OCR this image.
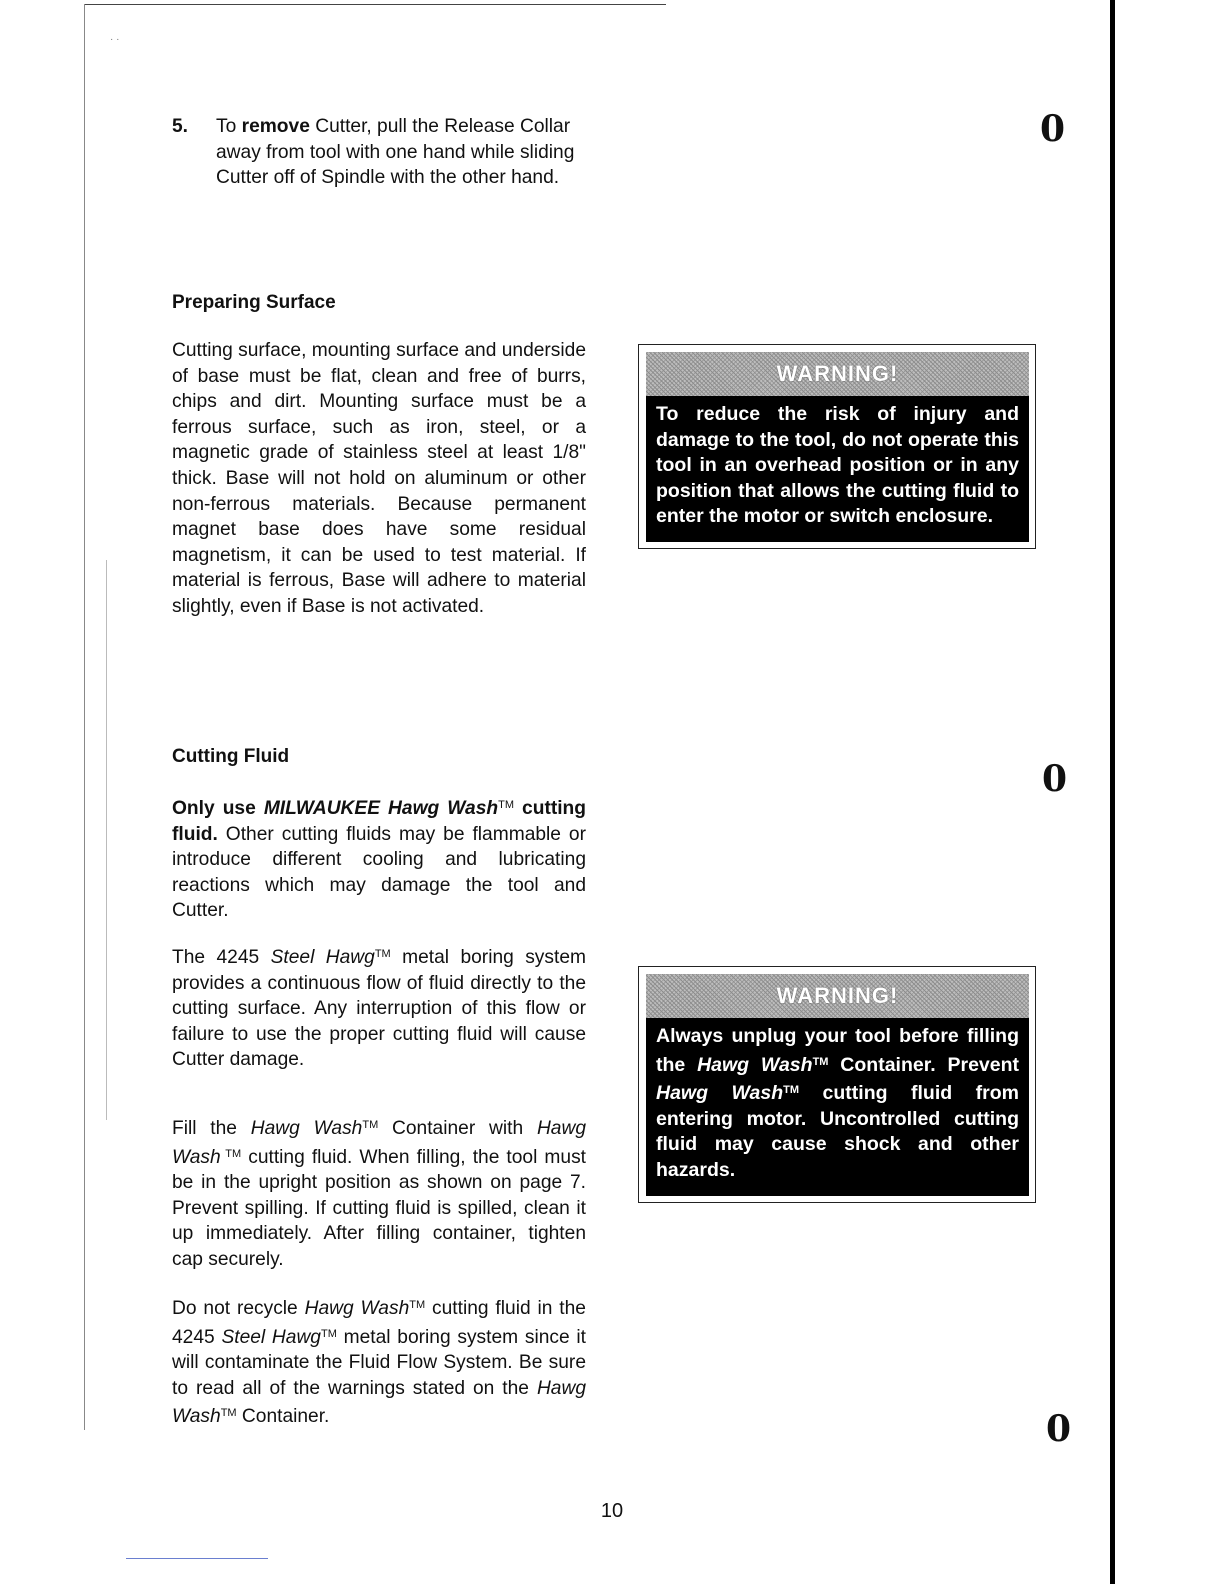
· ·
5.	To remove Cutter, pull the Release Collar away from tool with one hand while sliding Cutter off of Spindle with the other hand.
Preparing Surface

Cutting surface, mounting surface and underside of base must be flat, clean and free of burrs, chips and dirt. Mounting surface must be a ferrous surface, such as iron, steel, or a magnetic grade of stainless steel at least 1/8" thick. Base will not hold on aluminum or other non-ferrous materials. Because permanent magnet base does have some residual magnetism, it can be used to test material. If material is ferrous, Base will adhere to material slightly, even if Base is not activated.

WARNING!
To reduce the risk of injury and damage to the tool, do not operate this tool in an overhead position or in any position that allows the cutting fluid to enter the motor or switch enclosure.
Cutting Fluid

Only use MILWAUKEE Hawg Wash™ cutting fluid. Other cutting fluids may be flammable or introduce different cooling and lubricating reactions which may damage the tool and Cutter.

The 4245 Steel Hawg™ metal boring system provides a continuous flow of fluid directly to the cutting surface. Any interruption of this flow or failure to use the proper cutting fluid will cause Cutter damage.

Fill the Hawg Wash™ Container with Hawg Wash ™ cutting fluid. When filling, the tool must be in the upright position as shown on page 7. Prevent spilling. If cutting fluid is spilled, clean it up immediately. After filling container, tighten cap securely.

Do not recycle Hawg Wash™ cutting fluid in the 4245 Steel Hawg™ metal boring system since it will contaminate the Fluid Flow System. Be sure to read all of the warnings stated on the Hawg Wash™ Container.

WARNING!
Always unplug your tool before filling the Hawg Wash™ Container. Prevent Hawg Wash™ cutting fluid from entering motor. Uncontrolled cutting fluid may cause shock and other hazards.
0
0
0
10
